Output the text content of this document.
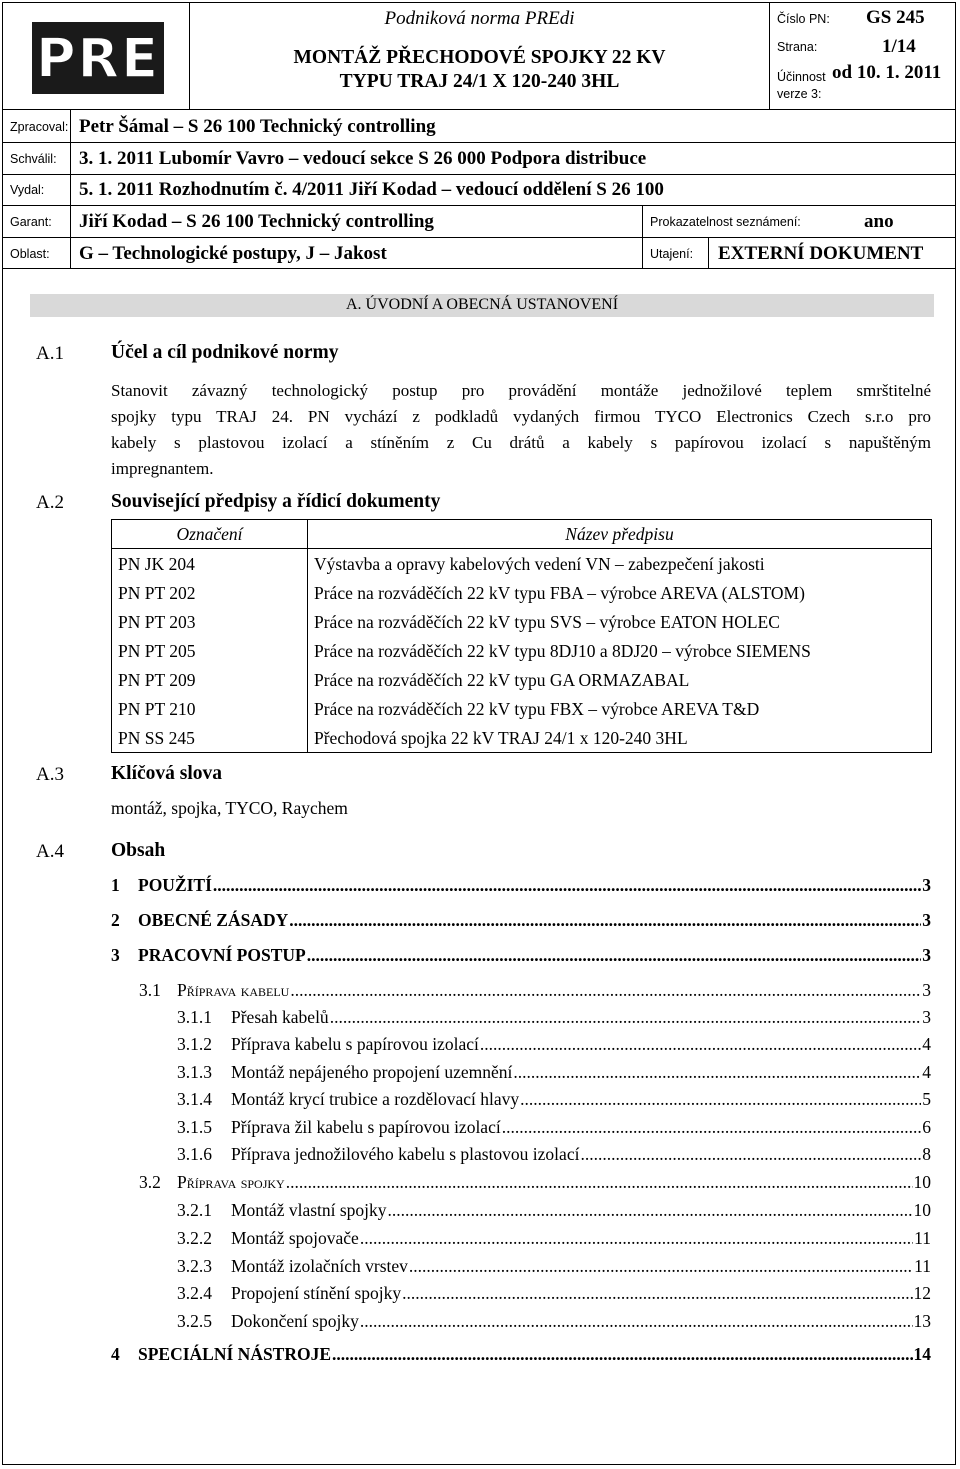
PRE
Podniková norma PREdi
MONTÁŽ PŘECHODOVÉ SPOJKY 22 KV
TYPU TRAJ 24/1 X 120-240 3HL
Číslo PN: GS 245
Strana:	1/14
Účinnost od 10. 1. 2011
verze 3:
Zpracoval: Petr Šámal – S 26 100 Technický controlling
Schválil: 3. 1. 2011 Lubomír Vavro – vedoucí sekce S 26 000 Podpora distribuce
Vydal: 5. 1. 2011 Rozhodnutím č. 4/2011 Jiří Kodad – vedoucí oddělení S 26 100
Garant: Jiří Kodad – S 26 100 Technický controlling	Prokazatelnost seznámení:	ano
Oblast: G – Technologické postupy, J – Jakost	Utajení: EXTERNÍ DOKUMENT
A. ÚVODNÍ A OBECNÁ USTANOVENÍ
A.1 Účel a cíl podnikové normy
Stanovit závazný technologický postup pro provádění montáže jednožilové teplem smrštitelné
spojky typu TRAJ 24. PN vychází z podkladů vydaných firmou TYCO Electronics Czech s.r.o pro
kabely s plastovou izolací a stíněním z Cu drátů a kabely s papírovou izolací s napuštěným
impregnantem.
A.2 Související předpisy a řídicí dokumenty
Označení	Název předpisu
PN JK 204	Výstavba a opravy kabelových vedení VN – zabezpečení jakosti
PN PT 202	Práce na rozváděčích 22 kV typu FBA – výrobce AREVA (ALSTOM)
PN PT 203	Práce na rozváděčích 22 kV typu SVS – výrobce EATON HOLEC
PN PT 205	Práce na rozváděčích 22 kV typu 8DJ10 a 8DJ20 – výrobce SIEMENS
PN PT 209	Práce na rozváděčích 22 kV typu GA ORMAZABAL
PN PT 210	Práce na rozváděčích 22 kV typu FBX – výrobce AREVA T&D
PN SS 245	Přechodová spojka 22 kV TRAJ 24/1 x 120-240 3HL
A.3 Klíčová slova
montáž, spojka, TYCO, Raychem
A.4 Obsah
1	POUŽITÍ .....	3
2	OBECNÉ ZÁSADY .....	3
3	PRACOVNÍ POSTUP .....	3
3.1 Příprava kabelu .....	3
3.1.1	Přesah kabelů .....	3
3.1.2	Příprava kabelu s papírovou izolací .....	4
3.1.3	Montáž nepájeného propojení uzemnění .....	4
3.1.4	Montáž krycí trubice a rozdělovací hlavy .....	5
3.1.5	Příprava žil kabelu s papírovou izolací .....	6
3.1.6	Příprava jednožilového kabelu s plastovou izolací .....	8
3.2 Příprava spojky .....	10
3.2.1	Montáž vlastní spojky .....	10
3.2.2	Montáž spojovače .....	11
3.2.3	Montáž izolačních vrstev .....	11
3.2.4	Propojení stínění spojky .....	12
3.2.5	Dokončení spojky .....	13
4	SPECIÁLNÍ NÁSTROJE .....	14
